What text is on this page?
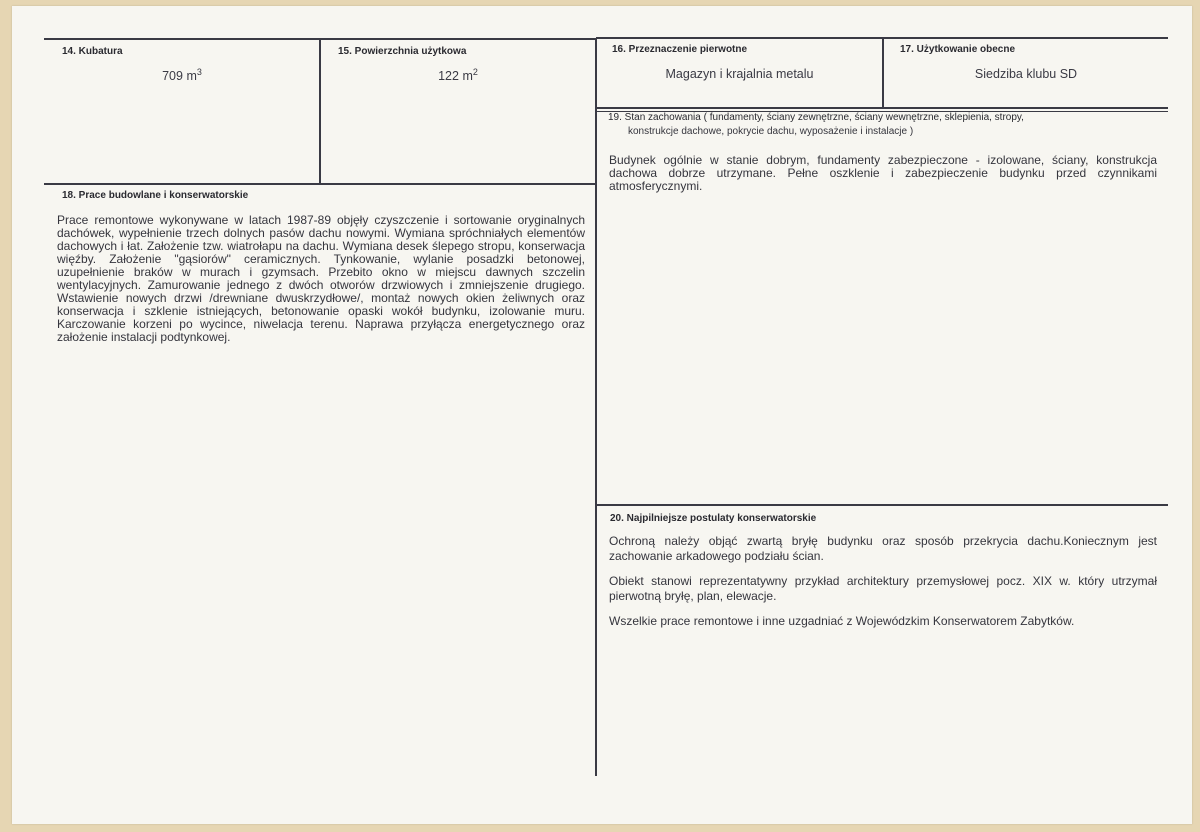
14. Kubatura
709 $m^3$
15. Powierzchnia użytkowa
122 $m^2$
16. Przeznaczenie pierwotne
Magazyn i krajalnia metalu
17. Użytkowanie obecne
Siedziba klubu SD
19. Stan zachowania ( fundamenty, ściany zewnętrzne, ściany wewnętrzne, sklepienia, stropy,
konstrukcje dachowe, pokrycie dachu, wyposażenie i instalacje )

Budynek ogólnie w stanie dobrym, fundamenty zabezpieczone - izolowane, ściany, konstrukcja dachowa dobrze utrzymane. Pełne oszklenie i zabezpieczenie budynku przed czynnikami atmosferycznymi.

18. Prace budowlane i konserwatorskie

Prace remontowe wykonywane w latach 1987-89 objęły czyszczenie i sortowanie oryginalnych dachówek, wypełnienie trzech dolnych pasów dachu nowymi. Wymiana spróchniałych elementów dachowych i łat. Założenie tzw. wiatrołapu na dachu. Wymiana desek ślepego stropu, konserwacja więźby. Założenie "gąsiorów" ceramicznych. Tynkowanie, wylanie posadzki betonowej, uzupełnienie braków w murach i gzymsach. Przebito okno w miejscu dawnych szczelin wentylacyjnych. Zamurowanie jednego z dwóch otworów drzwiowych i zmniejszenie drugiego. Wstawienie nowych drzwi /drewniane dwuskrzydłowe/, montaż nowych okien żeliwnych oraz konserwacja i szklenie istniejących, betonowanie opaski wokół budynku, izolowanie muru. Karczowanie korzeni po wycince, niwelacja terenu. Naprawa przyłącza energetycznego oraz założenie instalacji podtynkowej.

20. Najpilniejsze postulaty konserwatorskie

Ochroną należy objąć zwartą bryłę budynku oraz sposób przekrycia dachu.Koniecznym jest zachowanie arkadowego podziału ścian.

Obiekt stanowi reprezentatywny przykład architektury przemysłowej pocz. XIX w. który utrzymał pierwotną bryłę, plan, elewacje.

Wszelkie prace remontowe i inne uzgadniać z Wojewódzkim Konserwatorem Zabytków.
